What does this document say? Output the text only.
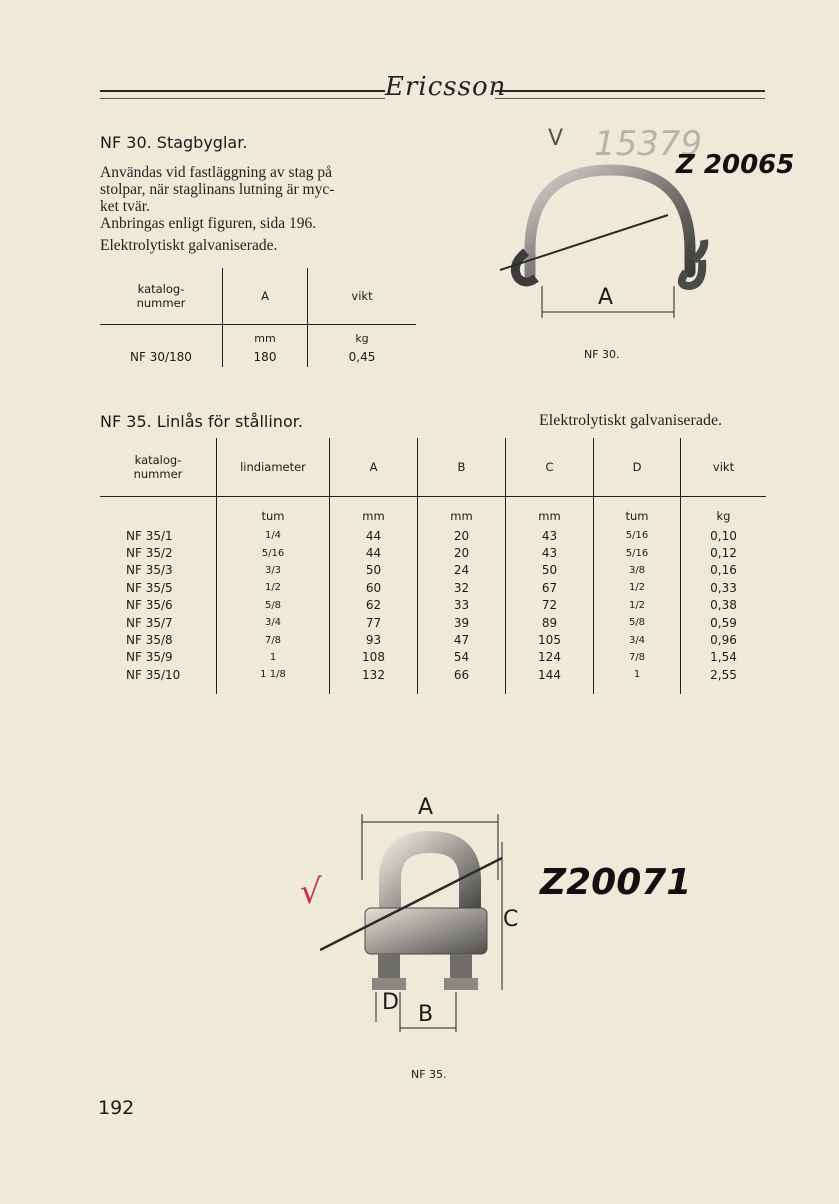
Ericsson
NF 30. Stagbyglar.
Användas vid fastläggning av stag på
stolpar, när staglinans lutning är myc-
ket tvär.
Anbringas enligt figuren, sida 196.
Elektrolytiskt galvaniserade.
katalog-
nummer	A	vikt
	mm	kg
NF 30/180	180	0,45
A
NF 30.
V 15379
Z 20065
NF 35. Linlås för stållinor.	Elektrolytiskt galvaniserade.
katalog-
nummer	lindiameter	A	B	C	D	vikt
	tum	mm	mm	mm	tum	kg
NF 35/1	1/4	44	20	43	5/16	0,10
NF 35/2	5/16	44	20	43	5/16	0,12
NF 35/3	3/3	50	24	50	3/8	0,16
NF 35/5	1/2	60	32	67	1/2	0,33
NF 35/6	5/8	62	33	72	1/2	0,38
NF 35/7	3/4	77	39	89	5/8	0,59
NF 35/8	7/8	93	47	105	3/4	0,96
NF 35/9	1	108	54	124	7/8	1,54
NF 35/10	1 1/8	132	66	144	1	2,55
A
B
C
D
NF 35.
√	Z20071
192
